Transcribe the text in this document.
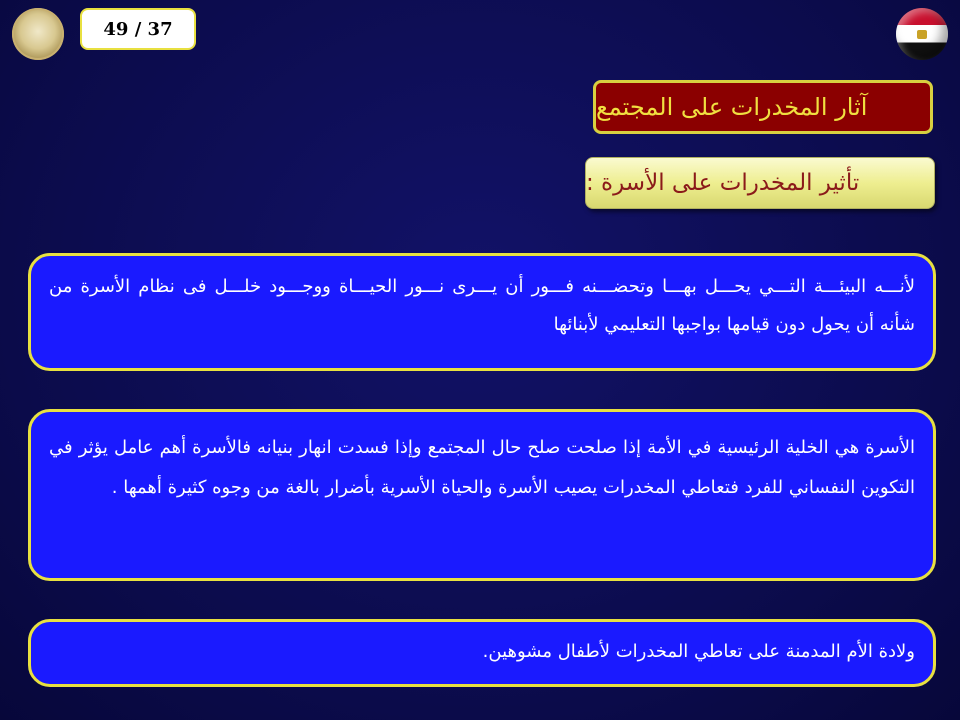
49 / 37
آثار المخدرات على المجتمع
تأثير المخدرات على الأسرة :
لأنـــه البيئـــة التـــي يحـــل بهـــا وتحضـــنه فـــور أن يـــرى نـــور الحيـــاة ووجـــود خلـــل فى نظام الأسرة من شأنه أن يحول دون قيامها بواجبها التعليمي لأبنائها
الأسرة هي الخلية الرئيسية في الأمة إذا صلحت صلح حال المجتمع وإذا فسدت انهار بنيانه فالأسرة أهم عامل يؤثر في التكوين النفساني للفرد فتعاطي المخدرات يصيب الأسرة والحياة الأسرية بأضرار بالغة من وجوه كثيرة أهمها .
ولادة الأم المدمنة على تعاطي المخدرات لأطفال مشوهين.
